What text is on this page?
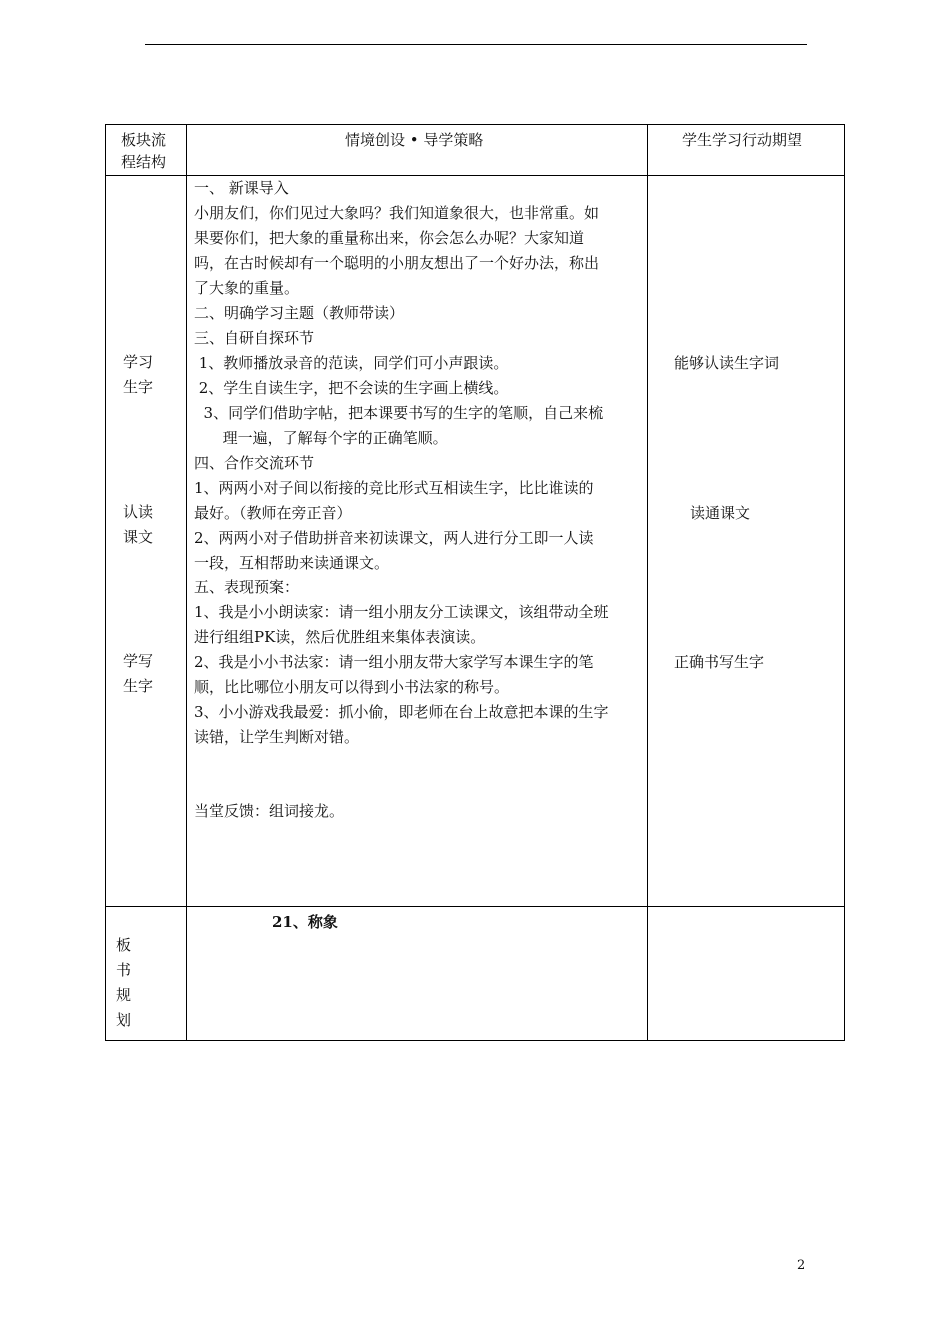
板块流
程结构
情境创设 • 导学策略	学生学习行动期望
学习
生字
认读
课文
学写
生字
板
书
规
划
一、 新课导入
小朋友们，你们见过大象吗？我们知道象很大，也非常重。如
果要你们，把大象的重量称出来，你会怎么办呢？大家知道
吗，在古时候却有一个聪明的小朋友想出了一个好办法，称出
了大象的重量。
二、明确学习主题（教师带读）
三、自研自探环节
1、教师播放录音的范读，同学们可小声跟读。
2、学生自读生字，把不会读的生字画上横线。
3、同学们借助字帖，把本课要书写的生字的笔顺，自己来梳
理一遍，了解每个字的正确笔顺。
四、合作交流环节
1、两两小对子间以衔接的竞比形式互相读生字，比比谁读的
最好。（教师在旁正音）
2、两两小对子借助拼音来初读课文，两人进行分工即一人读
一段，互相帮助来读通课文。
五、表现预案：
1、我是小小朗读家：请一组小朋友分工读课文，该组带动全班
进行组组PK读，然后优胜组来集体表演读。
2、我是小小书法家：请一组小朋友带大家学写本课生字的笔
顺，比比哪位小朋友可以得到小书法家的称号。
3、小小游戏我最爱：抓小偷，即老师在台上故意把本课的生字
读错，让学生判断对错。
当堂反馈：组词接龙。
能够认读生字词
读通课文
正确书写生字
21、称象
2
